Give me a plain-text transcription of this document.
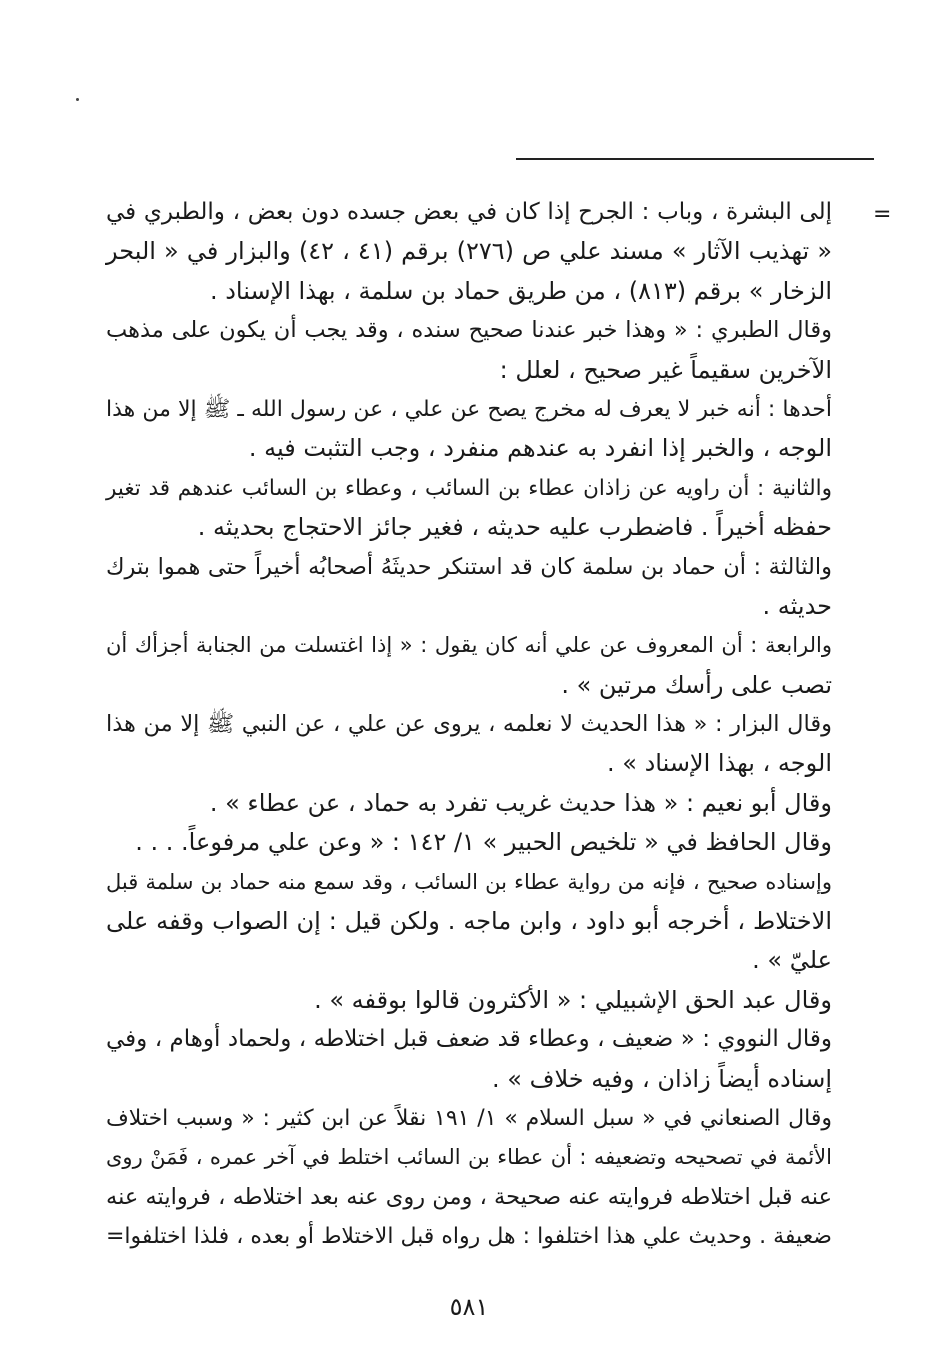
=
إلى البشرة ، وباب : الجرح إذا كان في بعض جسده دون بعض ، والطبري في
« تهذيب الآثار » مسند علي ص (٢٧٦) برقم (٤١ ، ٤٢) والبزار في « البحر
الزخار » برقم (٨١٣) ، من طريق حماد بن سلمة ، بهذا الإسناد .
وقال الطبري : « وهذا خبر عندنا صحيح سنده ، وقد يجب أن يكون على مذهب
الآخرين سقيماً غير صحيح ، لعلل :
أحدها : أنه خبر لا يعرف له مخرج يصح عن علي ، عن رسول الله ـ ﷺ إلا من هذا
الوجه ، والخبر إذا انفرد به عندهم منفرد ، وجب التثبت فيه .
والثانية : أن راويه عن زاذان عطاء بن السائب ، وعطاء بن السائب عندهم قد تغير
حفظه أخيراً . فاضطرب عليه حديثه ، فغير جائز الاحتجاج بحديثه .
والثالثة : أن حماد بن سلمة كان قد استنكر حديثَهُ أصحابُه أخيراً حتى هموا بترك
حديثه .
والرابعة : أن المعروف عن علي أنه كان يقول : « إذا اغتسلت من الجنابة أجزأك أن
تصب على رأسك مرتين » .
وقال البزار : « هذا الحديث لا نعلمه ، يروى عن علي ، عن النبي ﷺ إلا من هذا
الوجه ، بهذا الإسناد » .
وقال أبو نعيم : « هذا حديث غريب تفرد به حماد ، عن عطاء » .
وقال الحافظ في « تلخيص الحبير » ١/ ١٤٢ : « وعن علي مرفوعاً. . . .
وإسناده صحيح ، فإنه من رواية عطاء بن السائب ، وقد سمع منه حماد بن سلمة قبل
الاختلاط ، أخرجه أبو داود ، وابن ماجه . ولكن قيل : إن الصواب وقفه على
عليّ » .
وقال عبد الحق الإشبيلي : « الأكثرون قالوا بوقفه » .
وقال النووي : « ضعيف ، وعطاء قد ضعف قبل اختلاطه ، ولحماد أوهام ، وفي
إسناده أيضاً زاذان ، وفيه خلاف » .
وقال الصنعاني في « سبل السلام » ١/ ١٩١ نقلاً عن ابن كثير : « وسبب اختلاف
الأئمة في تصحيحه وتضعيفه : أن عطاء بن السائب اختلط في آخر عمره ، فَمَنْ روى
عنه قبل اختلاطه فروايته عنه صحيحة ، ومن روى عنه بعد اختلاطه ، فروايته عنه
ضعيفة . وحديث علي هذا اختلفوا : هل رواه قبل الاختلاط أو بعده ، فلذا اختلفوا=
٥٨١
